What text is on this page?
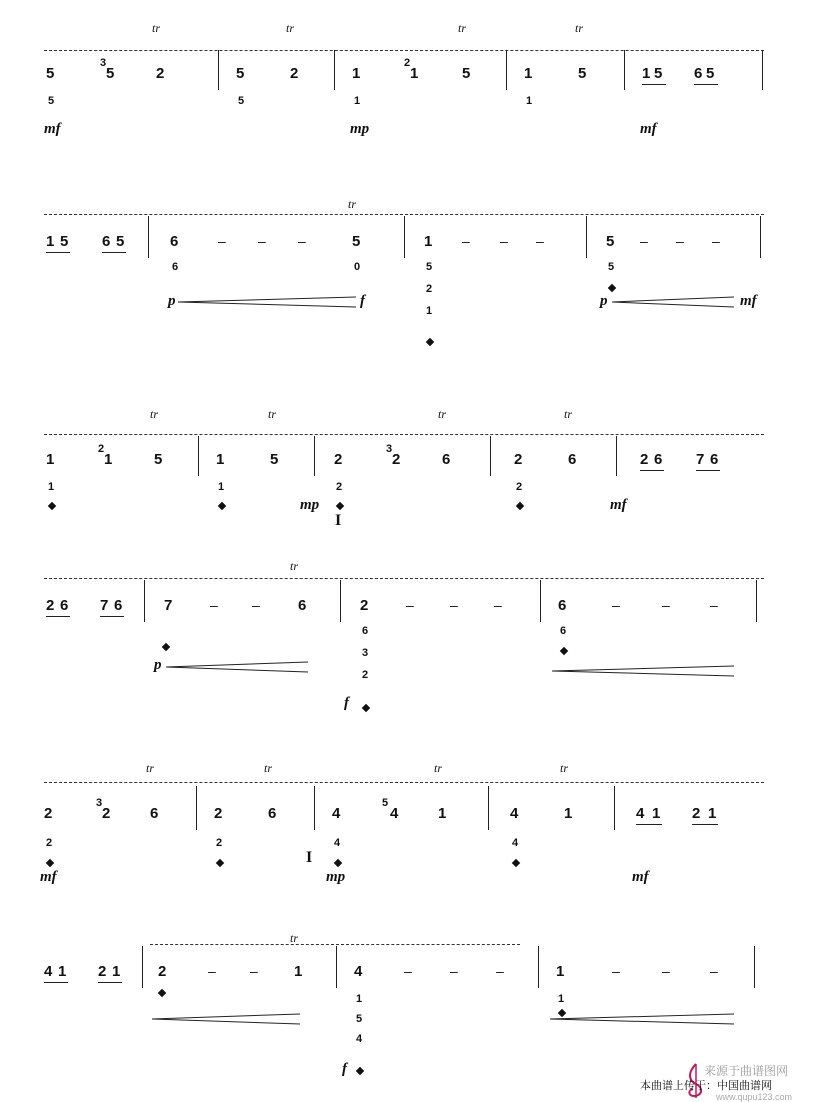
tr	tr	tr	tr
5
3
5	2	5	2	1
2
1	5	1	5	1 5 6 5
5	5	1	1
mf	mp	mf
tr
1 5 6 5	6	– – –	5	1 – – –	5 – – –
6	0	5
2
1
5
p	f	p	mf
tr	tr	tr	tr
1
2
1	5	1	5	2
3
2	6	2	6	2 6 7 6
1	1	2
I
2
mp	mf
tr
2 6 7 6	7	– –	6	2	–	–	–	6	–	–	–
p
6
3
2
f
6
tr	tr	tr	tr
2
3
2	6	2	6	4
5
4	1	4	1	4 1 2 1
2	2
I
4	4
mf	mp	mf
tr
4 1 2 1	2	– – 1	4	–	–	–	1	–	–	–
1
5
4
f
1
来源于曲谱图网
本曲谱上传于：中国曲谱网
www.qupu123.com
